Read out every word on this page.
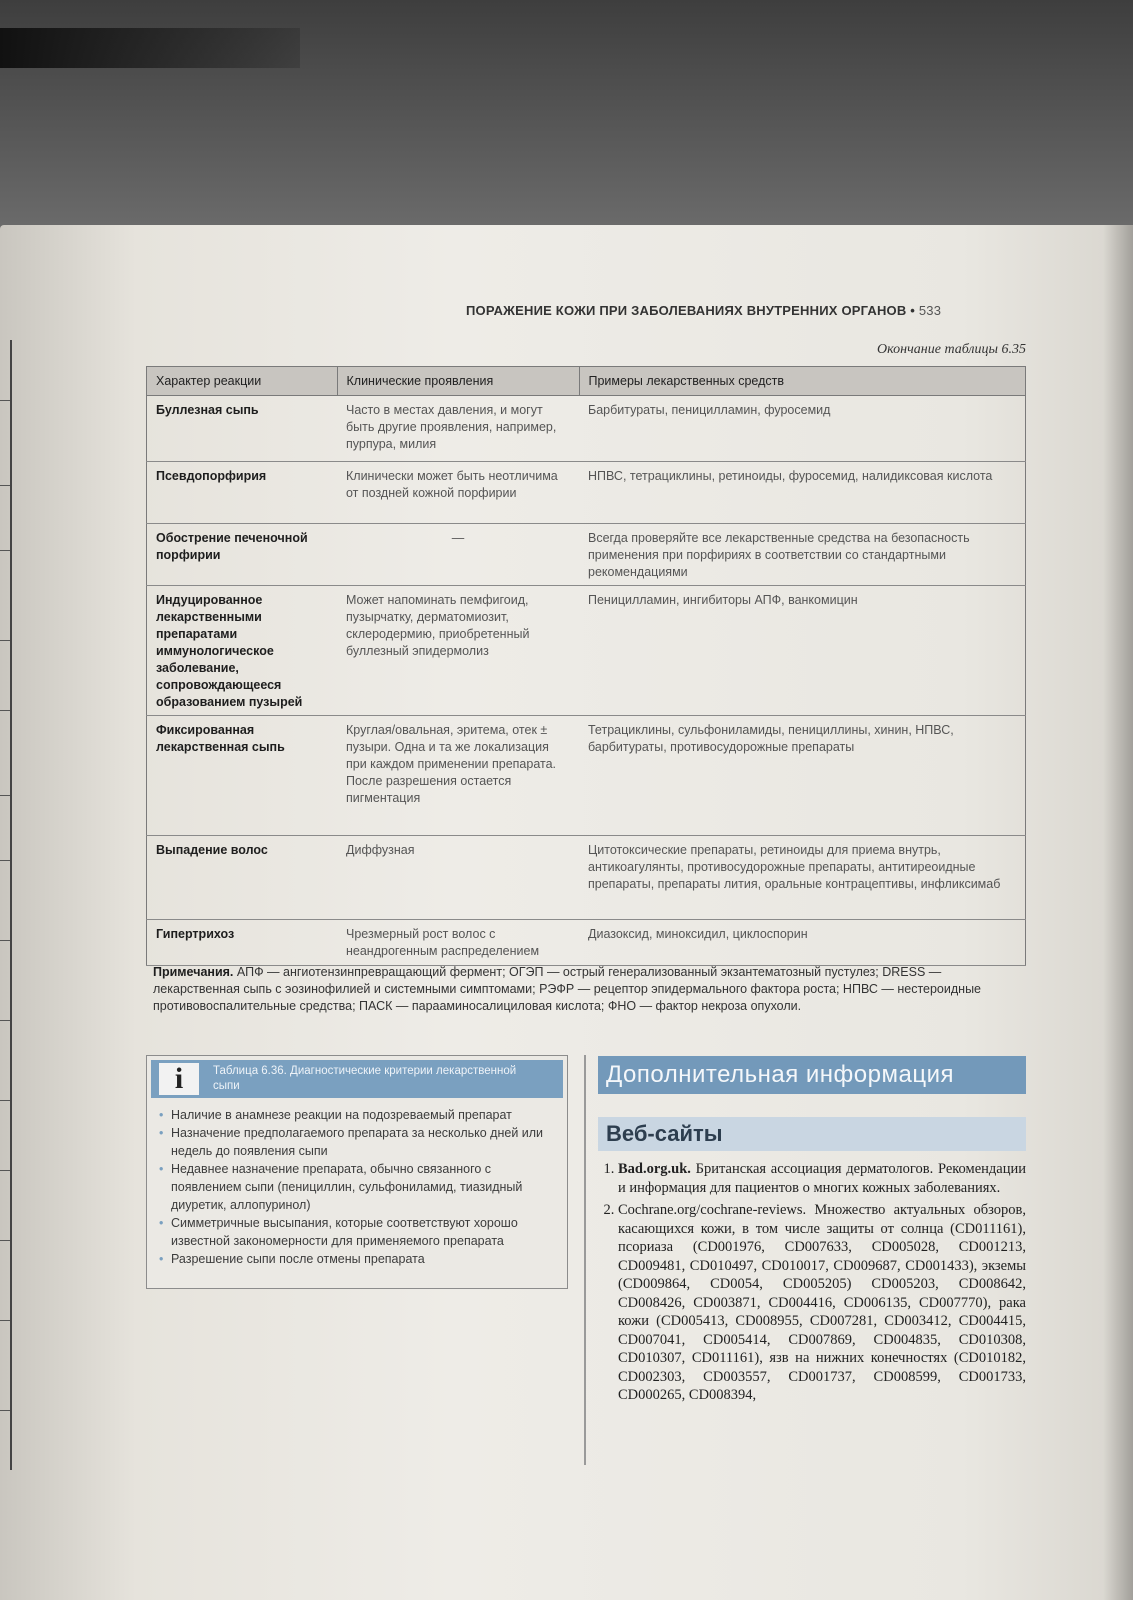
ПОРАЖЕНИЕ КОЖИ ПРИ ЗАБОЛЕВАНИЯХ ВНУТРЕННИХ ОРГАНОВ • 533
Окончание таблицы 6.35
Характер реакции	Клинические проявления	Примеры лекарственных средств
Буллезная сыпь	Часто в местах давления, и могут быть другие проявления, например, пурпура, милия	Барбитураты, пеницилламин, фуросемид
Псевдопорфирия	Клинически может быть неотличима от поздней кожной порфирии	НПВС, тетрациклины, ретиноиды, фуросемид, налидиксовая кислота
Обострение печеночной порфирии	—	Всегда проверяйте все лекарственные средства на безопасность применения при порфириях в соответствии со стандартными рекомендациями
Индуцированное лекарственными препаратами иммунологическое заболевание, сопровождающееся образованием пузырей	Может напоминать пемфигоид, пузырчатку, дерматомиозит, склеродермию, приобретенный буллезный эпидермолиз	Пеницилламин, ингибиторы АПФ, ванкомицин
Фиксированная лекарственная сыпь	Круглая/овальная, эритема, отек ± пузыри. Одна и та же локализация при каждом применении препарата. После разрешения остается пигментация	Тетрациклины, сульфониламиды, пенициллины, хинин, НПВС, барбитураты, противосудорожные препараты
Выпадение волос	Диффузная	Цитотоксические препараты, ретиноиды для приема внутрь, антикоагулянты, противосудорожные препараты, антитиреоидные препараты, препараты лития, оральные контрацептивы, инфликсимаб
Гипертрихоз	Чрезмерный рост волос с неандрогенным распределением	Диазоксид, миноксидил, циклоспорин
Примечания. АПФ — ангиотензинпревращающий фермент; ОГЭП — острый генерализованный экзантематозный пустулез; DRESS — лекарственная сыпь с эозинофилией и системными симптомами; РЭФР — рецептор эпидермального фактора роста; НПВС — нестероидные противовоспалительные средства; ПАСК — парааминосалициловая кислота; ФНО — фактор некроза опухоли.
i	Таблица 6.36. Диагностические критерии лекарственной сыпи
• Наличие в анамнезе реакции на подозреваемый препарат
• Назначение предполагаемого препарата за несколько дней или недель до появления сыпи
• Недавнее назначение препарата, обычно связанного с появлением сыпи (пенициллин, сульфониламид, тиазидный диуретик, аллопуринол)
• Симметричные высыпания, которые соответствуют хорошо известной закономерности для применяемого препарата
• Разрешение сыпи после отмены препарата
Дополнительная информация
Веб-сайты
1. Bad.org.uk. Британская ассоциация дерматологов. Рекомендации и информация для пациентов о многих кожных заболеваниях.
2. Cochrane.org/cochrane-reviews. Множество актуальных обзоров, касающихся кожи, в том числе защиты от солнца (CD011161), псориаза (CD001976, CD007633, CD005028, CD001213, CD009481, CD010497, CD010017, CD009687, CD001433), экземы (CD009864, CD0054, CD005205) CD005203, CD008642, CD008426, CD003871, CD004416, CD006135, CD007770), рака кожи (CD005413, CD008955, CD007281, CD003412, CD004415, CD007041, CD005414, CD007869, CD004835, CD010308, CD010307, CD011161), язв на нижних конечностях (CD010182, CD002303, CD003557, CD001737, CD008599, CD001733, CD000265, CD008394,
